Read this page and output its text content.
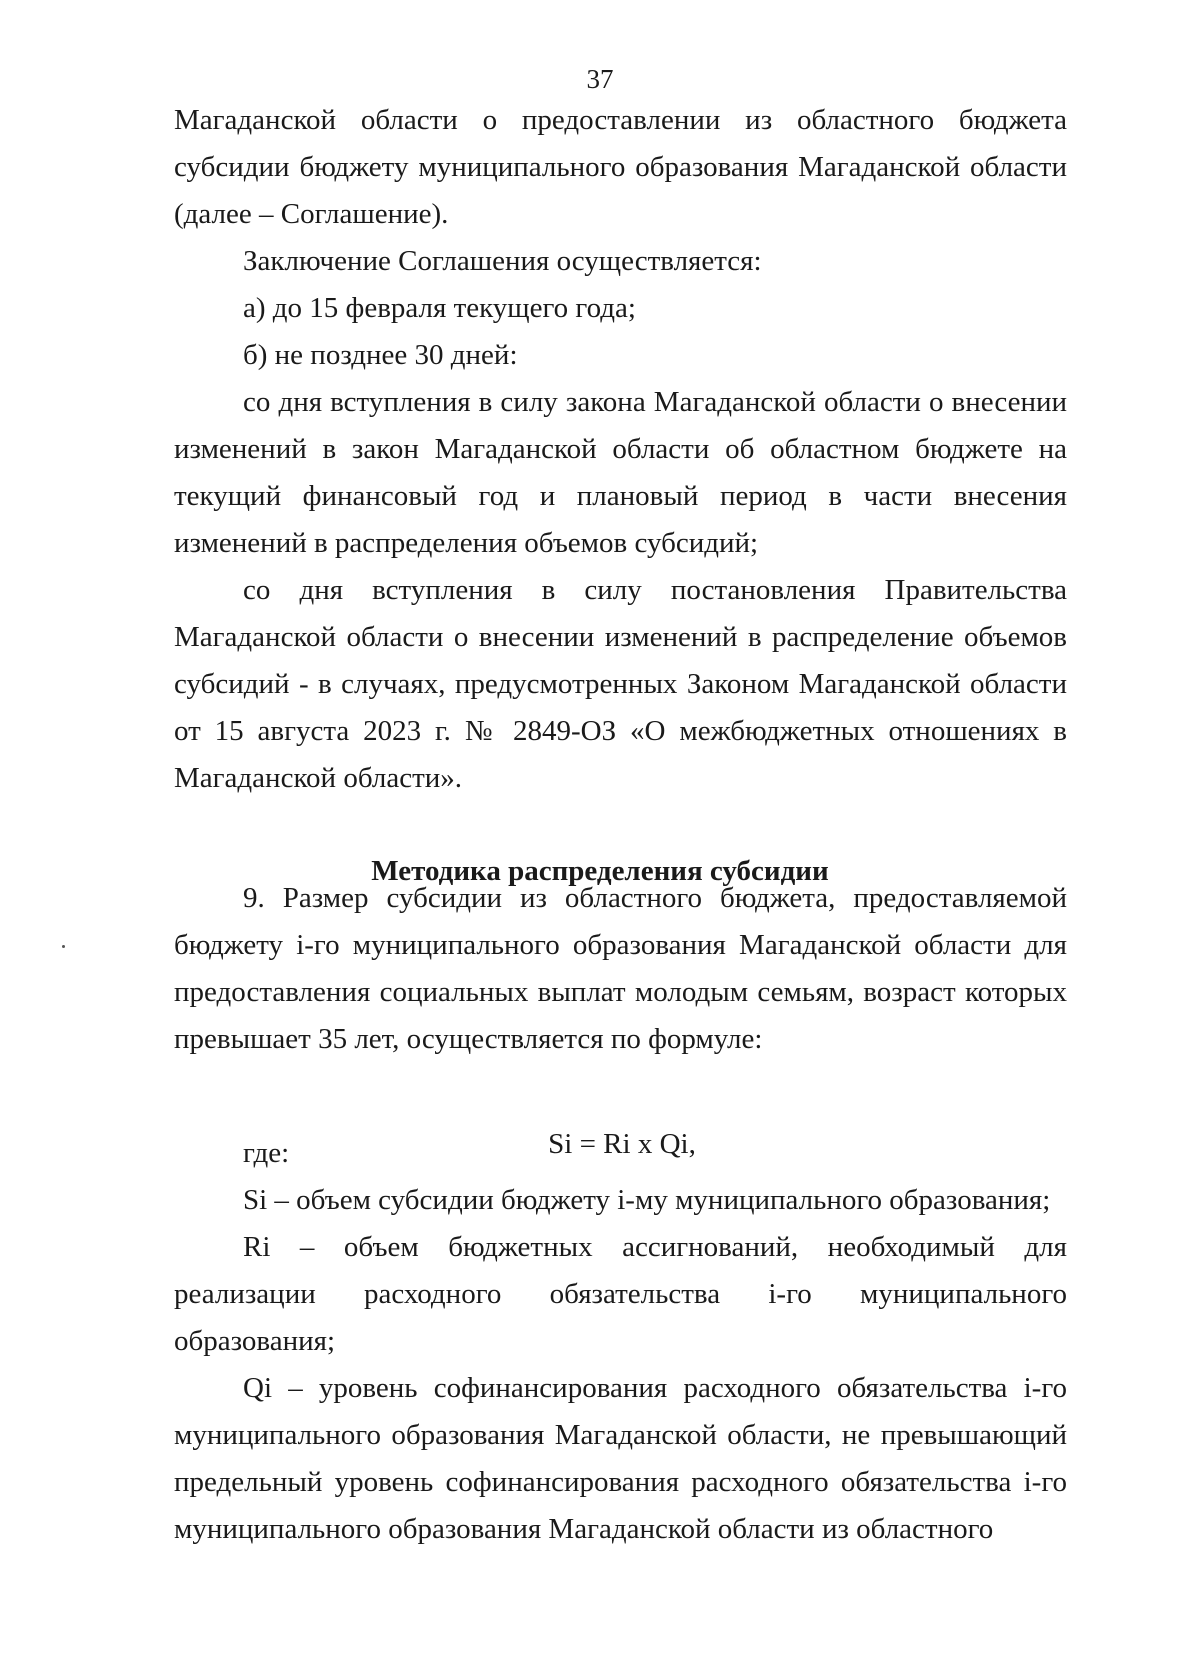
37

Магаданской области о предоставлении из областного бюджета субсидии бюджету муниципального образования Магаданской области (далее – Соглашение).

Заключение Соглашения осуществляется:

а) до 15 февраля текущего года;

б) не позднее 30 дней:

со дня вступления в силу закона Магаданской области о внесении изменений в закон Магаданской области об областном бюджете на текущий финансовый год и плановый период в части внесения изменений в распределения объемов субсидий;

со дня вступления в силу постановления Правительства Магаданской области о внесении изменений в распределение объемов субсидий - в случаях, предусмотренных Законом Магаданской области от 15 августа 2023 г. № 2849-ОЗ «О межбюджетных отношениях в Магаданской области».

Методика распределения субсидии

9. Размер субсидии из областного бюджета, предоставляемой бюджету i-го муниципального образования Магаданской области для предоставления социальных выплат молодым семьям, возраст которых превышает 35 лет, осуществляется по формуле:

Si = Ri x Qi,

где:

Si – объем субсидии бюджету i-му муниципального образования;

Ri – объем бюджетных ассигнований, необходимый для реализации расходного обязательства i-го муниципального образования;

Qi – уровень софинансирования расходного обязательства i-го муниципального образования Магаданской области, не превышающий предельный уровень софинансирования расходного обязательства i-го муниципального образования Магаданской области из областного
